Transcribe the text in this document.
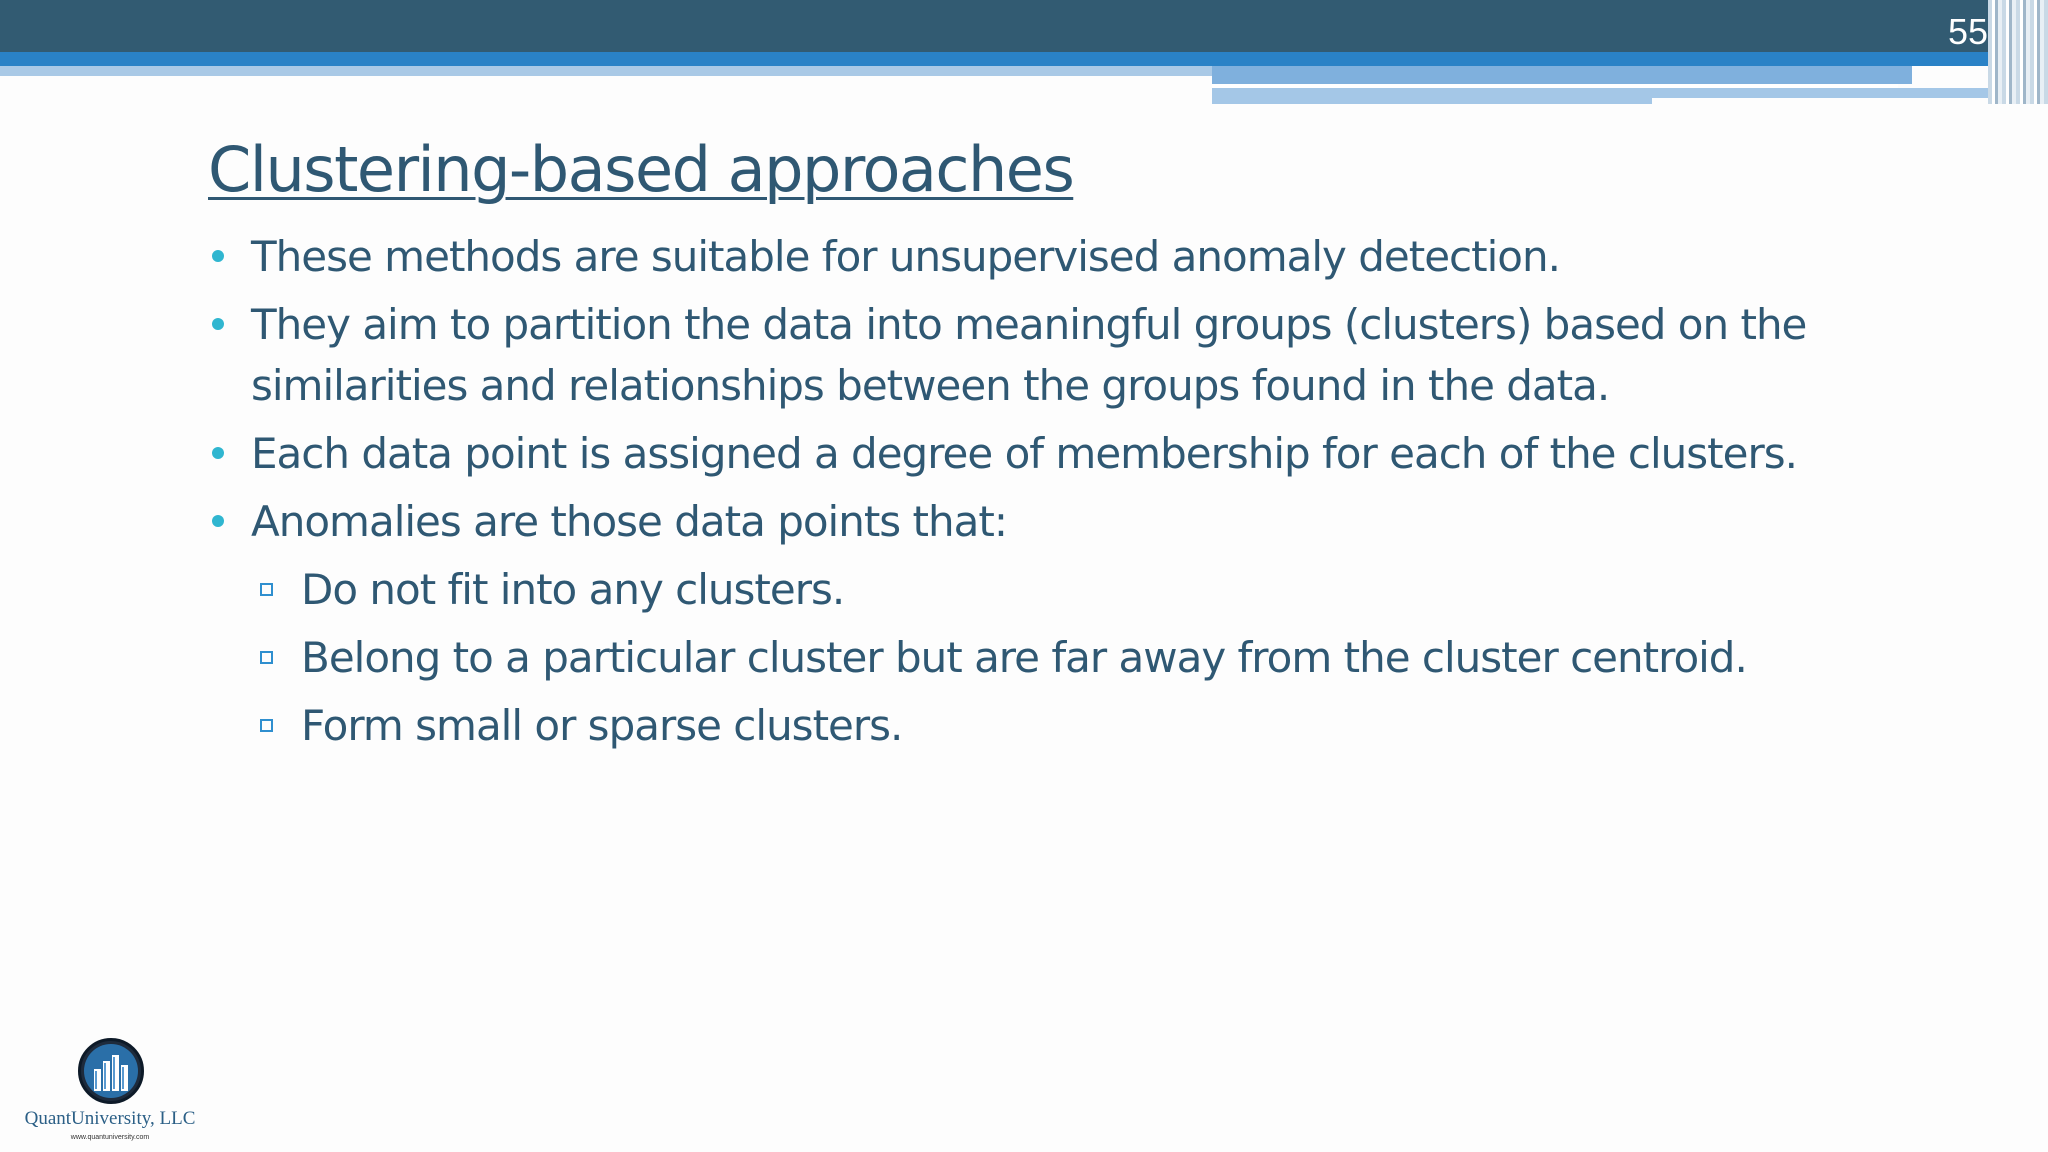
55
Clustering-based approaches
These methods are suitable for unsupervised anomaly detection.
They aim to partition the data into meaningful groups (clusters) based on the similarities and relationships between the groups found in the data.
Each data point is assigned a degree of membership for each of the clusters.
Anomalies are those data points that:
Do not fit into any clusters.
Belong to a particular cluster but are far away from the cluster centroid.
Form small or sparse clusters.
QuantUniversity, LLC
www.quantuniversity.com
